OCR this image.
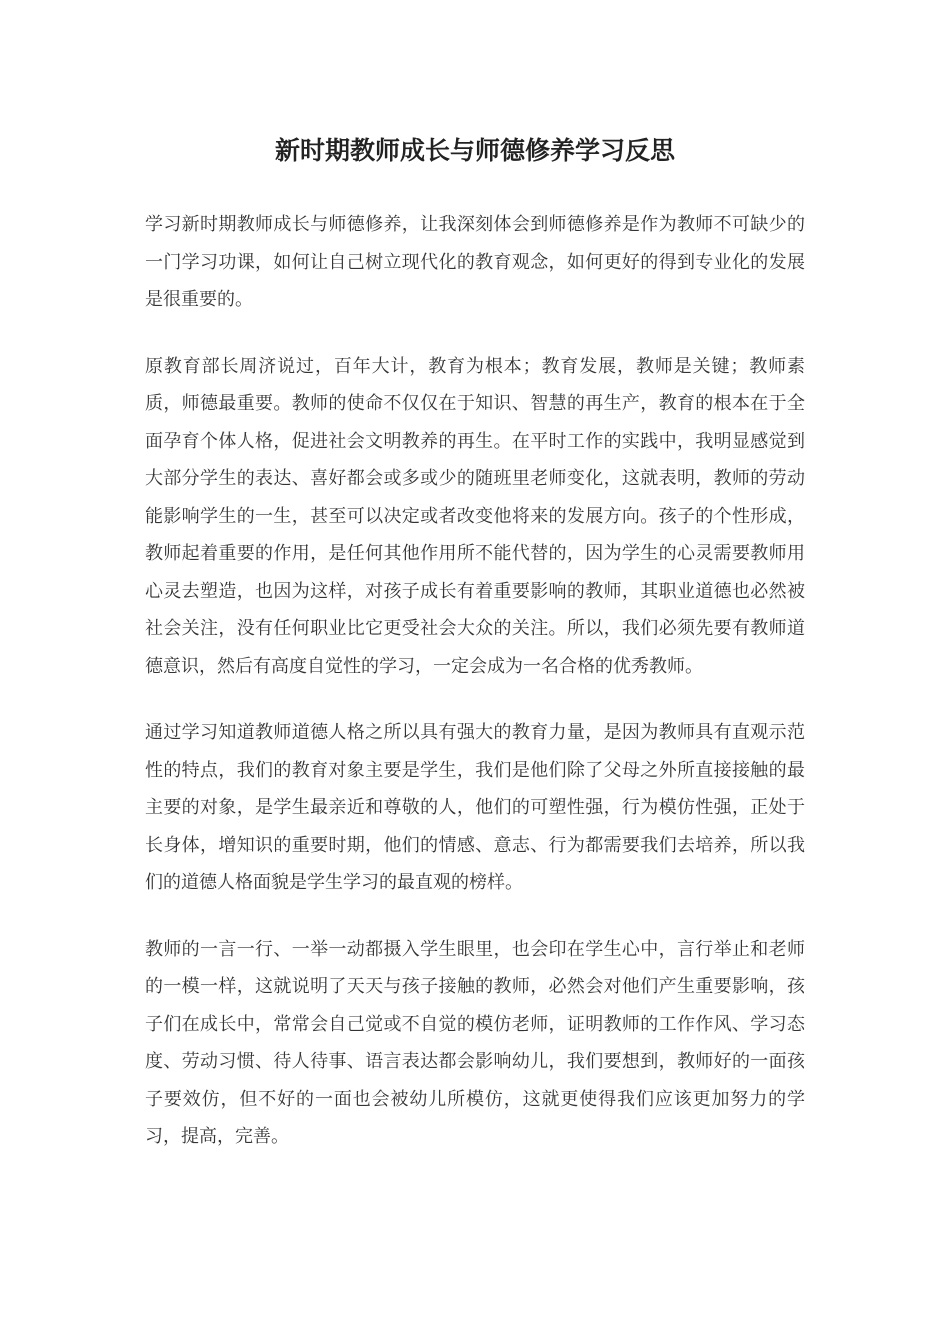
新时期教师成长与师德修养学习反思

学习新时期教师成长与师德修养，让我深刻体会到师德修养是作为教师不可缺少的一门学习功课，如何让自己树立现代化的教育观念，如何更好的得到专业化的发展是很重要的。

原教育部长周济说过，百年大计，教育为根本；教育发展，教师是关键；教师素质，师德最重要。教师的使命不仅仅在于知识、智慧的再生产，教育的根本在于全面孕育个体人格，促进社会文明教养的再生。在平时工作的实践中，我明显感觉到大部分学生的表达、喜好都会或多或少的随班里老师变化，这就表明，教师的劳动能影响学生的一生，甚至可以决定或者改变他将来的发展方向。孩子的个性形成，教师起着重要的作用，是任何其他作用所不能代替的，因为学生的心灵需要教师用心灵去塑造，也因为这样，对孩子成长有着重要影响的教师，其职业道德也必然被社会关注，没有任何职业比它更受社会大众的关注。所以，我们必须先要有教师道德意识，然后有高度自觉性的学习，一定会成为一名合格的优秀教师。

通过学习知道教师道德人格之所以具有强大的教育力量，是因为教师具有直观示范性的特点，我们的教育对象主要是学生，我们是他们除了父母之外所直接接触的最主要的对象，是学生最亲近和尊敬的人，他们的可塑性强，行为模仿性强，正处于长身体，增知识的重要时期，他们的情感、意志、行为都需要我们去培养，所以我们的道德人格面貌是学生学习的最直观的榜样。

教师的一言一行、一举一动都摄入学生眼里，也会印在学生心中，言行举止和老师的一模一样，这就说明了天天与孩子接触的教师，必然会对他们产生重要影响，孩子们在成长中，常常会自己觉或不自觉的模仿老师，证明教师的工作作风、学习态度、劳动习惯、待人待事、语言表达都会影响幼儿，我们要想到，教师好的一面孩子要效仿，但不好的一面也会被幼儿所模仿，这就更使得我们应该更加努力的学习，提高，完善。
